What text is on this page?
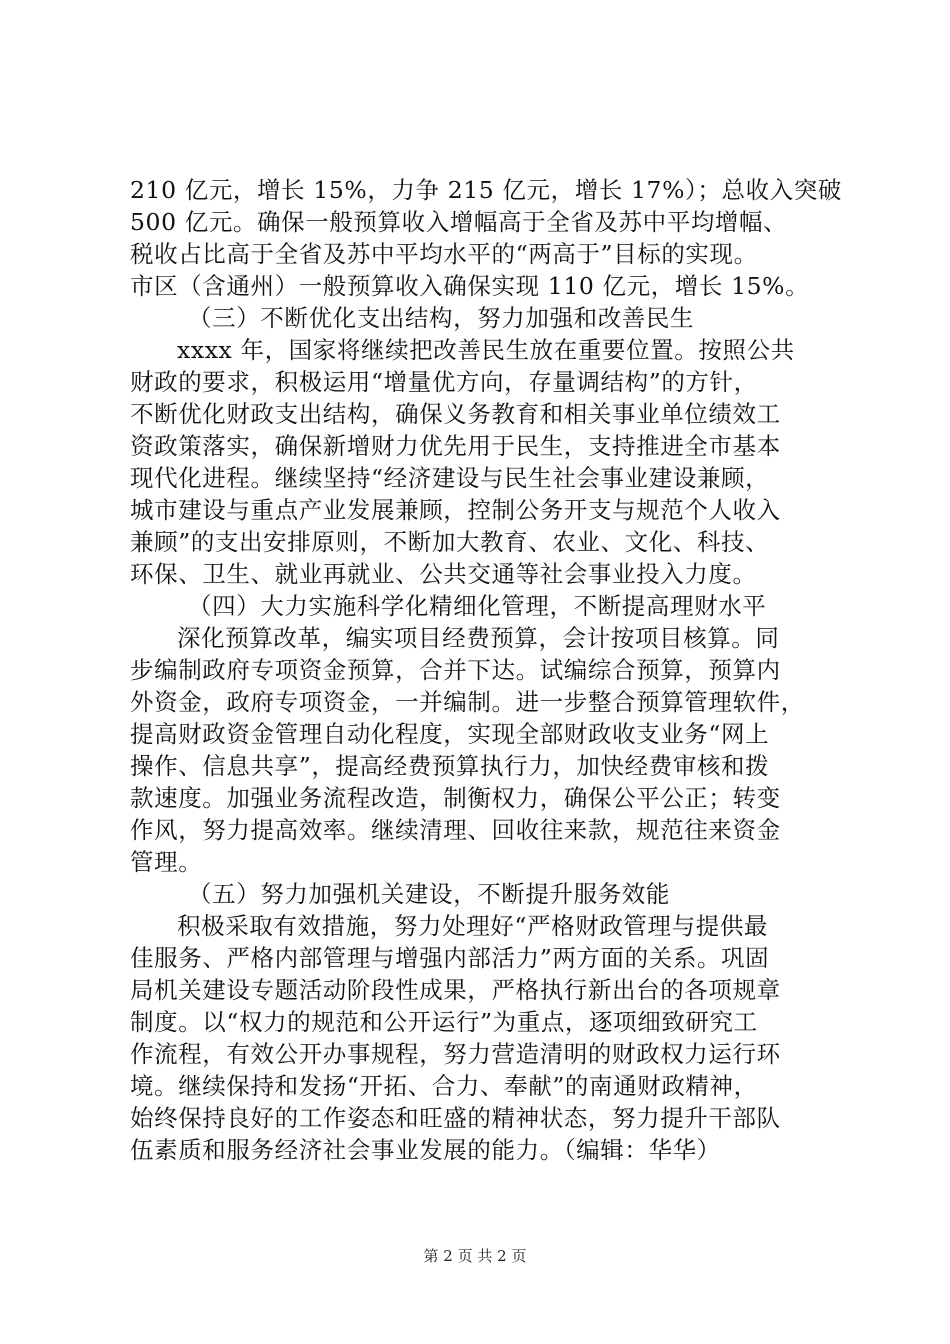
210 亿元，增长 15%，力争 215 亿元，增长 17%）；总收入突破
500 亿元。确保一般预算收入增幅高于全省及苏中平均增幅、
税收占比高于全省及苏中平均水平的“两高于”目标的实现。
市区（含通州）一般预算收入确保实现 110 亿元，增长 15%。
（三）不断优化支出结构，努力加强和改善民生
xxxx 年，国家将继续把改善民生放在重要位置。按照公共
财政的要求，积极运用“增量优方向，存量调结构”的方针，
不断优化财政支出结构，确保义务教育和相关事业单位绩效工
资政策落实，确保新增财力优先用于民生，支持推进全市基本
现代化进程。继续坚持“经济建设与民生社会事业建设兼顾，
城市建设与重点产业发展兼顾，控制公务开支与规范个人收入
兼顾”的支出安排原则，不断加大教育、农业、文化、科技、
环保、卫生、就业再就业、公共交通等社会事业投入力度。
（四）大力实施科学化精细化管理，不断提高理财水平
深化预算改革，编实项目经费预算，会计按项目核算。同
步编制政府专项资金预算，合并下达。试编综合预算，预算内
外资金，政府专项资金，一并编制。进一步整合预算管理软件，
提高财政资金管理自动化程度，实现全部财政收支业务“网上
操作、信息共享”，提高经费预算执行力，加快经费审核和拨
款速度。加强业务流程改造，制衡权力，确保公平公正；转变
作风，努力提高效率。继续清理、回收往来款，规范往来资金
管理。
（五）努力加强机关建设，不断提升服务效能
积极采取有效措施，努力处理好“严格财政管理与提供最
佳服务、严格内部管理与增强内部活力”两方面的关系。巩固
局机关建设专题活动阶段性成果，严格执行新出台的各项规章
制度。以“权力的规范和公开运行”为重点，逐项细致研究工
作流程，有效公开办事规程，努力营造清明的财政权力运行环
境。继续保持和发扬“开拓、合力、奉献”的南通财政精神，
始终保持良好的工作姿态和旺盛的精神状态，努力提升干部队
伍素质和服务经济社会事业发展的能力。（编辑：华华）
第 2 页 共 2 页
